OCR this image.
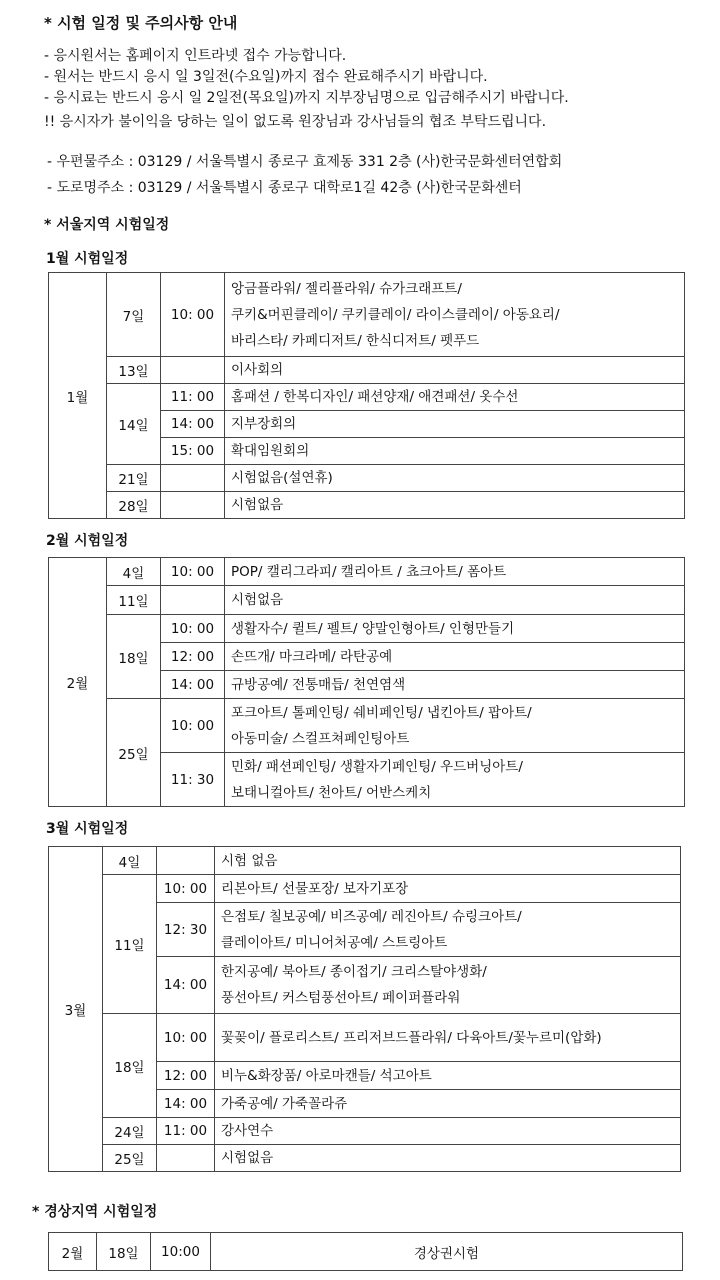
* 시험 일정 및 주의사항 안내
- 응시원서는 홈페이지 인트라넷 접수 가능합니다.
- 원서는 반드시 응시 일 3일전(수요일)까지 접수 완료해주시기 바랍니다.
- 응시료는 반드시 응시 일 2일전(목요일)까지 지부장님명으로 입금해주시기 바랍니다.
!! 응시자가 불이익을 당하는 일이 없도록 원장님과 강사님들의 협조 부탁드립니다.
- 우편물주소 : 03129 / 서울특별시 종로구 효제동 331 2층 (사)한국문화센터연합회
- 도로명주소 : 03129 / 서울특별시 종로구 대학로1길 42층 (사)한국문화센터
* 서울지역 시험일정
1월 시험일정
1월	7일	10: 00	앙금플라워/ 젤리플라워/ 슈가크래프트/
쿠키&머핀클레이/ 쿠키클레이/ 라이스클레이/ 아동요리/
바리스타/ 카페디저트/ 한식디저트/ 펫푸드

	13일		이사회의
	14일	11: 00	홈패션 / 한복디자인/ 패션양재/ 애견패션/ 옷수선
		14: 00	지부장회의
		15: 00	확대임원회의
	21일		시험없음(설연휴)
	28일		시험없음
2월 시험일정
2월	4일	10: 00	POP/ 캘리그라피/ 캘리아트 / 쵸크아트/ 폼아트
	11일		시험없음
	18일	10: 00	생활자수/ 퀼트/ 펠트/ 양말인형아트/ 인형만들기
		12: 00	손뜨개/ 마크라메/ 라탄공예
		14: 00	규방공예/ 전통매듭/ 천연염색
	25일	10: 00	포크아트/ 톨페인팅/ 쉐비페인팅/ 냅킨아트/ 팝아트/
아동미술/ 스컬프쳐페인팅아트

		11: 30	민화/ 패션페인팅/ 생활자기페인팅/ 우드버닝아트/
보태니컬아트/ 천아트/ 어반스케치
3월 시험일정
3월	4일		시험 없음
	11일	10: 00	리본아트/ 선물포장/ 보자기포장
		12: 30	은점토/ 칠보공예/ 비즈공예/ 레진아트/ 슈링크아트/
클레이아트/ 미니어처공예/ 스트링아트

		14: 00	한지공예/ 북아트/ 종이접기/ 크리스탈야생화/
풍선아트/ 커스텀풍선아트/ 페이퍼플라워

	18일	10: 00	꽃꽂이/ 플로리스트/ 프리저브드플라워/ 다육아트/꽃누르미(압화)
		12: 00	비누&화장품/ 아로마캔들/ 석고아트
		14: 00	가죽공예/ 가죽꼴라쥬
	24일	11: 00	강사연수
	25일		시험없음
* 경상지역 시험일정
2월	18일	10:00	경상권시험
